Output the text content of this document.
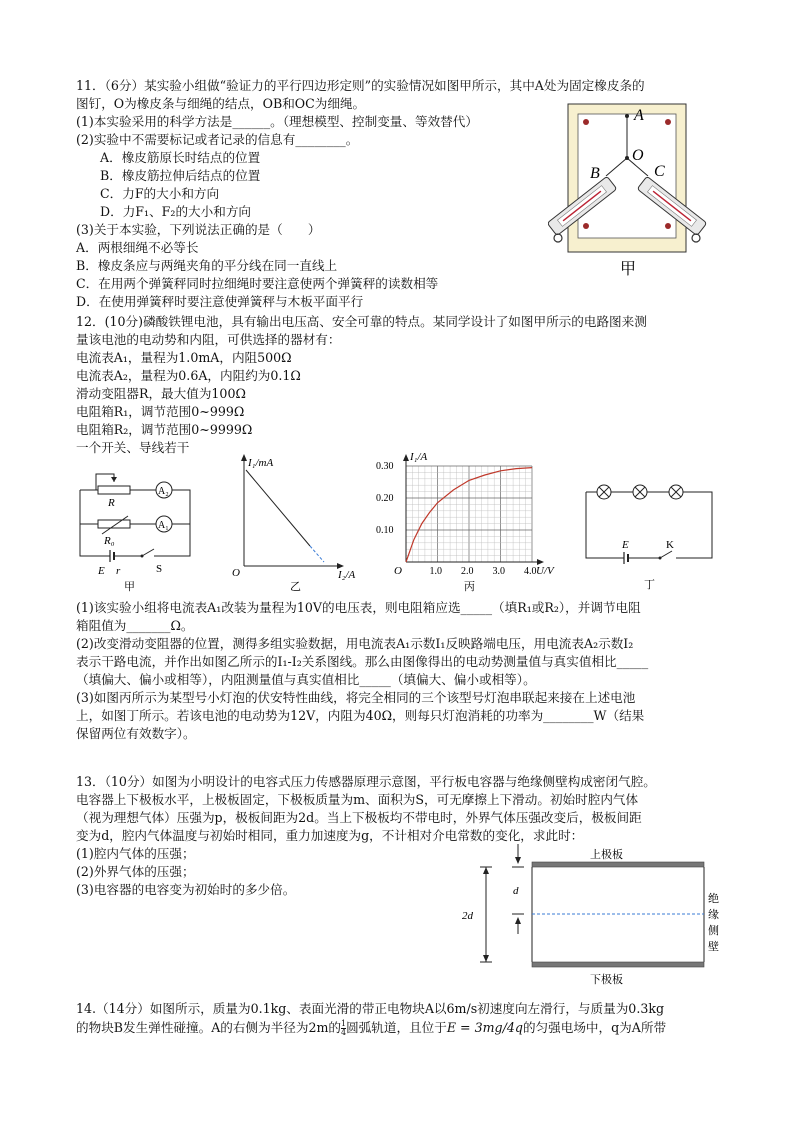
11．（6分）某实验小组做“验证力的平行四边形定则”的实验情况如图甲所示，其中A处为固定橡皮条的
图钉，O为橡皮条与细绳的结点，OB和OC为细绳。
(1)本实验采用的科学方法是______。（理想模型、控制变量、等效替代）
(2)实验中不需要标记或者记录的信息有________。
A．橡皮筋原长时结点的位置
B．橡皮筋拉伸后结点的位置
C．力F的大小和方向
D．力F₁、F₂的大小和方向
(3)关于本实验，下列说法正确的是（　　）
A．两根细绳不必等长
B．橡皮条应与两绳夹角的平分线在同一直线上
C．在用两个弹簧秤同时拉细绳时要注意使两个弹簧秤的读数相等
D．在使用弹簧秤时要注意使弹簧秤与木板平面平行
A
O
B	C
甲
12．(10分)磷酸铁锂电池，具有输出电压高、安全可靠的特点。某同学设计了如图甲所示的电路图来测
量该电池的电动势和内阻，可供选择的器材有：
电流表A₁，量程为1.0mA，内阻500Ω
电流表A₂，量程为0.6A，内阻约为0.1Ω
滑动变阻器R，最大值为100Ω
电阻箱R₁，调节范围0~999Ω
电阻箱R₂，调节范围0~9999Ω
一个开关、导线若干
A₂
A₁
R
R₀
E r	S
甲
I₁/mA
I₂/A
O
乙
1.0 2.0 3.0 4.0
0.10
0.20
0.30
I₁/A
U/V
O
丙
E	K
丁
(1)该实验小组将电流表A₁改装为量程为10V的电压表，则电阻箱应选_____（填R₁或R₂），并调节电阻
箱阻值为_______Ω。
(2)改变滑动变阻器的位置，测得多组实验数据，用电流表A₁示数I₁反映路端电压，用电流表A₂示数I₂
表示干路电流，并作出如图乙所示的I₁-I₂关系图线。那么由图像得出的电动势测量值与真实值相比_____
（填偏大、偏小或相等），内阻测量值与真实值相比_____（填偏大、偏小或相等）。
(3)如图丙所示为某型号小灯泡的伏安特性曲线，将完全相同的三个该型号灯泡串联起来接在上述电池
上，如图丁所示。若该电池的电动势为12V，内阻为40Ω，则每只灯泡消耗的功率为________W（结果
保留两位有效数字）。
13．（10分）如图为小明设计的电容式压力传感器原理示意图，平行板电容器与绝缘侧壁构成密闭气腔。
电容器上下极板水平，上极板固定，下极板质量为m、面积为S，可无摩擦上下滑动。初始时腔内气体
（视为理想气体）压强为p，极板间距为2d。当上下极板均不带电时，外界气体压强改变后，极板间距
变为d，腔内气体温度与初始时相同，重力加速度为g，不计相对介电常数的变化，求此时：
(1)腔内气体的压强；
(2)外界气体的压强；
(3)电容器的电容变为初始时的多少倍。
上极板
下极板
d
2d
绝
缘
侧
壁
14.（14分）如图所示，质量为0.1kg、表面光滑的带正电物块A以6m/s初速度向左滑行，与质量为0.3kg
的物块B发生弹性碰撞。A的右侧为半径为2m的 $\frac{1}{4}$ 圆弧轨道，且位于E = 3mg/4q的匀强电场中，q为A所带
